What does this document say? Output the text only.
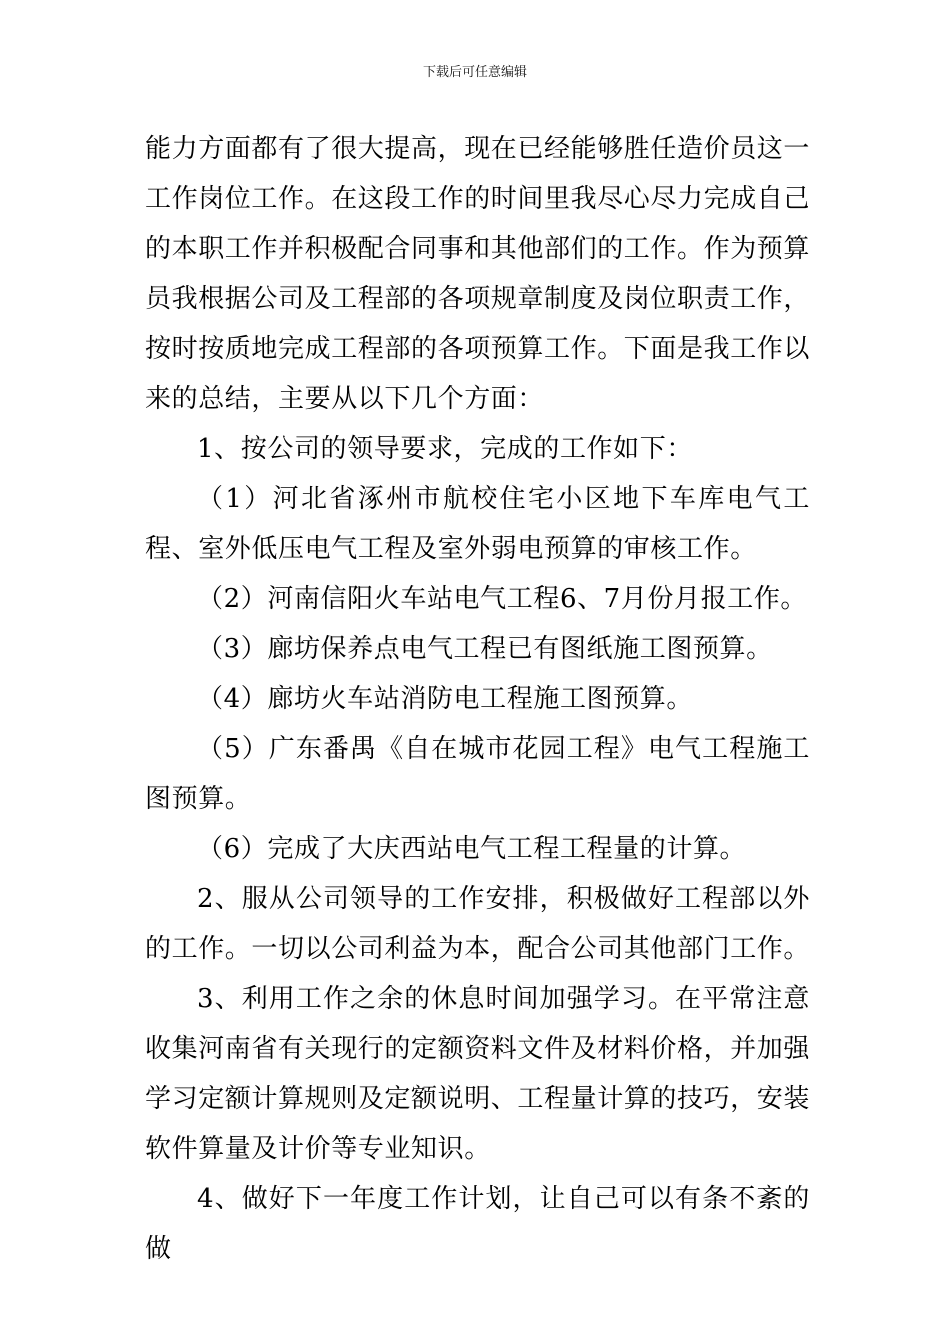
下载后可任意编辑

能力方面都有了很大提高，现在已经能够胜任造价员这一工作岗位工作。在这段工作的时间里我尽心尽力完成自己的本职工作并积极配合同事和其他部们的工作。作为预算员我根据公司及工程部的各项规章制度及岗位职责工作，按时按质地完成工程部的各项预算工作。下面是我工作以来的总结，主要从以下几个方面：

1、按公司的领导要求，完成的工作如下：

（1）河北省涿州市航校住宅小区地下车库电气工程、室外低压电气工程及室外弱电预算的审核工作。

（2）河南信阳火车站电气工程6、7月份月报工作。

（3）廊坊保养点电气工程已有图纸施工图预算。

（4）廊坊火车站消防电工程施工图预算。

（5）广东番禺《自在城市花园工程》电气工程施工图预算。

（6）完成了大庆西站电气工程工程量的计算。

2、服从公司领导的工作安排，积极做好工程部以外的工作。一切以公司利益为本，配合公司其他部门工作。

3、利用工作之余的休息时间加强学习。在平常注意收集河南省有关现行的定额资料文件及材料价格，并加强学习定额计算规则及定额说明、工程量计算的技巧，安装软件算量及计价等专业知识。

4、做好下一年度工作计划，让自己可以有条不紊的做
